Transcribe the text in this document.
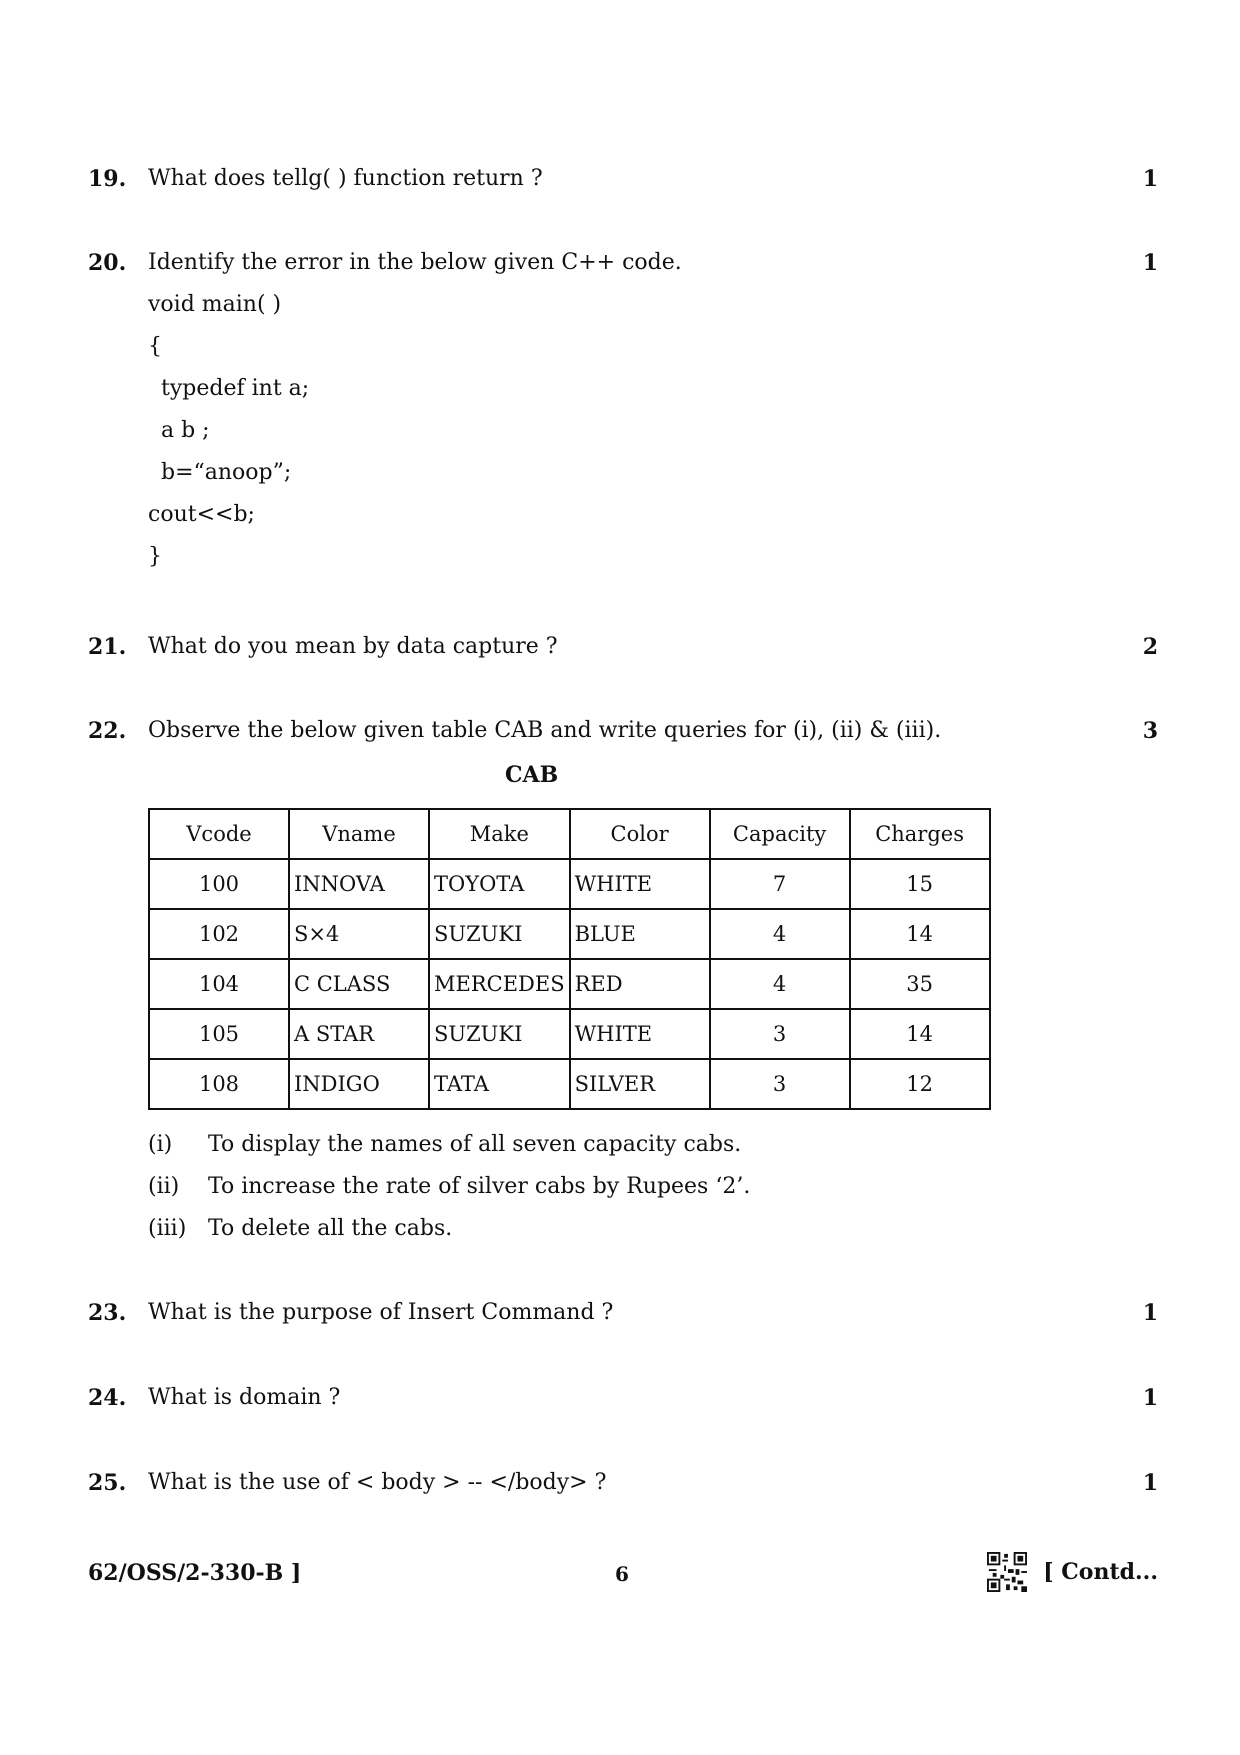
19. What does tellg( ) function return ?	1
20. Identify the error in the below given C++ code.	1
void main( )
{
typedef int a;
a b ;
b=“anoop”;
cout<<b;
}
21. What do you mean by data capture ?	2
22. Observe the below given table CAB and write queries for (i), (ii) & (iii).	3
CAB
Vcode	Vname	Make	Color	Capacity	Charges
100	INNOVA	TOYOTA	WHITE	7	15
102	S×4	SUZUKI	BLUE	4	14
104	C CLASS	MERCEDES	RED	4	35
105	A STAR	SUZUKI	WHITE	3	14
108	INDIGO	TATA	SILVER	3	12
(i) To display the names of all seven capacity cabs.
(ii) To increase the rate of silver cabs by Rupees ‘2’.
(iii) To delete all the cabs.
23. What is the purpose of Insert Command ?	1
24. What is domain ?	1
25. What is the use of < body > -- </body> ?	1
62/OSS/2-330-B ]	6	[ Contd...
